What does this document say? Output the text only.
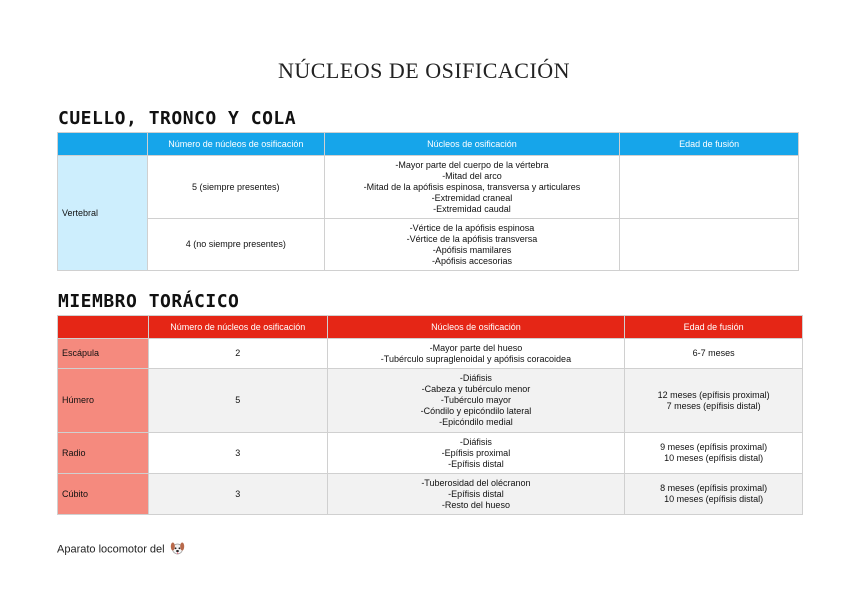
NÚCLEOS DE OSIFICACIÓN
CUELLO, TRONCO Y COLA
	Número de núcleos de osificación	Núcleos de osificación	Edad de fusión
Vertebral	5 (siempre presentes)	-Mayor parte del cuerpo de la vértebra
-Mitad del arco
-Mitad de la apófisis espinosa, transversa y articulares
-Extremidad craneal
-Extremidad caudal	
	4 (no siempre presentes)	-Vértice de la apófisis espinosa
-Vértice de la apófisis transversa
-Apófisis mamilares
-Apófisis accesorias	
MIEMBRO TORÁCICO
	Número de núcleos de osificación	Núcleos de osificación	Edad de fusión
Escápula	2	-Mayor parte del hueso
-Tubérculo supraglenoidal y apófisis coracoidea	6-7 meses
Húmero	5	-Diáfisis
-Cabeza y tubérculo menor
-Tubérculo mayor
-Cóndilo y epicóndilo lateral
-Epicóndilo medial	12 meses (epífisis proximal)
7 meses (epífisis distal)
Radio	3	-Diáfisis
-Epífisis proximal
-Epífisis distal	9 meses (epífisis proximal)
10 meses (epífisis distal)
Cúbito	3	-Tuberosidad del olécranon
-Epífisis distal
-Resto del hueso	8 meses (epífisis proximal)
10 meses (epífisis distal)
Aparato locomotor del
